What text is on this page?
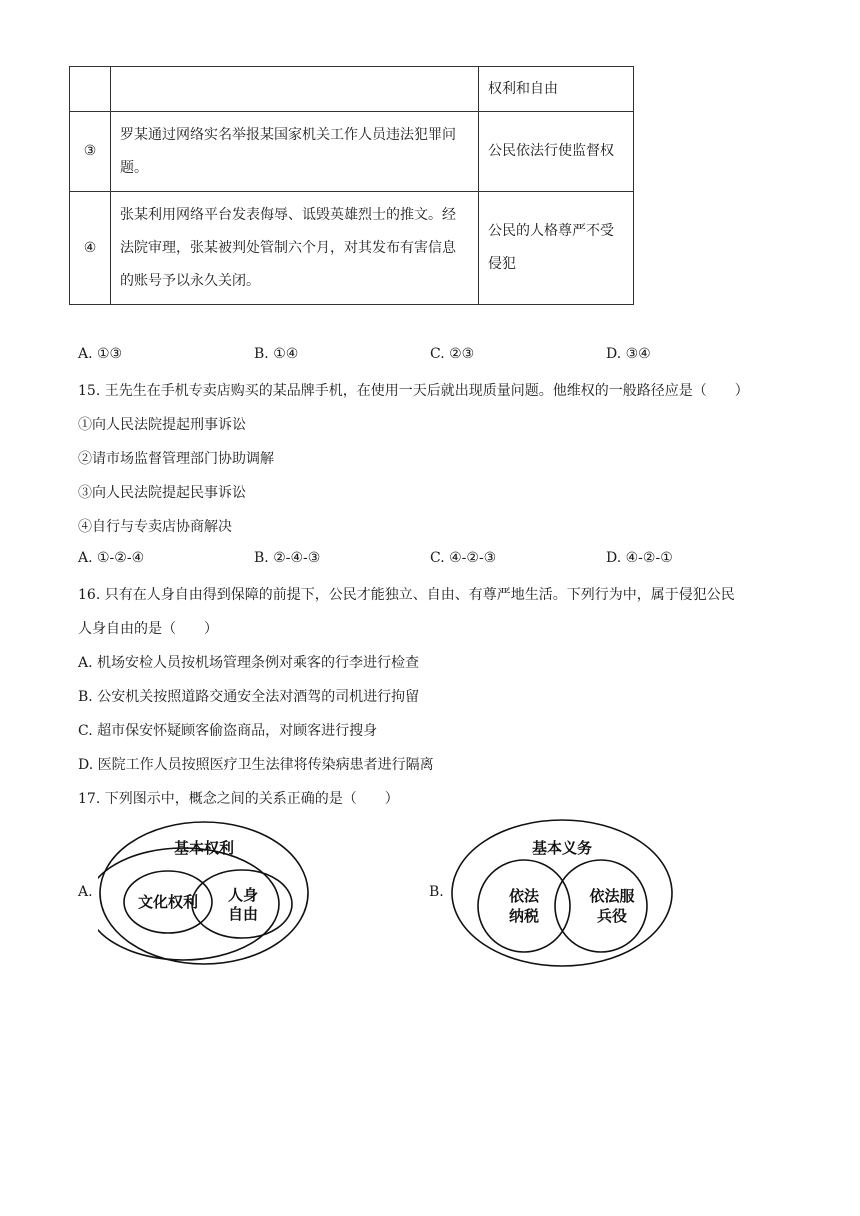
		权利和自由
③	罗某通过网络实名举报某国家机关工作人员违法犯罪问题。	公民依法行使监督权
④	张某利用网络平台发表侮辱、诋毁英雄烈士的推文。经法院审理，张某被判处管制六个月，对其发布有害信息的账号予以永久关闭。	公民的人格尊严不受侵犯
A. ①③	B. ①④	C. ②③	D. ③④
15. 王先生在手机专卖店购买的某品牌手机，在使用一天后就出现质量问题。他维权的一般路径应是（　　）
①向人民法院提起刑事诉讼
②请市场监督管理部门协助调解
③向人民法院提起民事诉讼
④自行与专卖店协商解决
A. ①-②-④	B. ②-④-③	C. ④-②-③	D. ④-②-①
16. 只有在人身自由得到保障的前提下，公民才能独立、自由、有尊严地生活。下列行为中，属于侵犯公民
人身自由的是（　　）
A. 机场安检人员按机场管理条例对乘客的行李进行检查
B. 公安机关按照道路交通安全法对酒驾的司机进行拘留
C. 超市保安怀疑顾客偷盗商品，对顾客进行搜身
D. 医院工作人员按照医疗卫生法律将传染病患者进行隔离
17. 下列图示中，概念之间的关系正确的是（　　）
A.
基本权利
文化权利 人身
自由
B.
基本义务
依法
纳税
依法服
兵役
